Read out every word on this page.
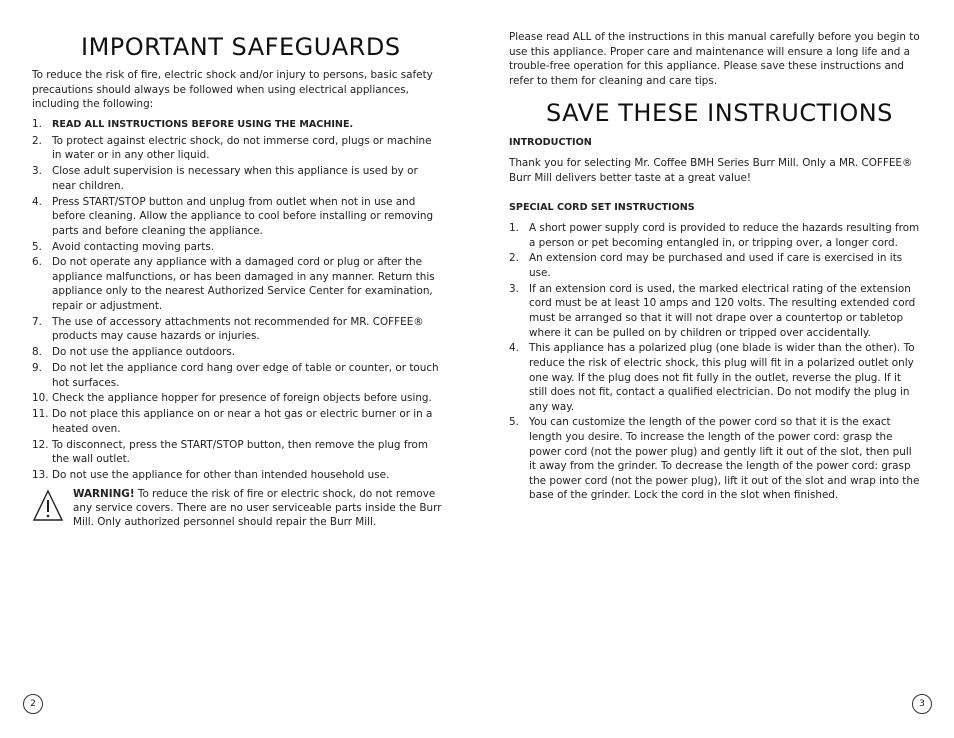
IMPORTANT SAFEGUARDS

To reduce the risk of fire, electric shock and/or injury to persons, basic safety precautions should always be followed when using electrical appliances, including the following:

1. READ ALL INSTRUCTIONS BEFORE USING THE MACHINE.
2. To protect against electric shock, do not immerse cord, plugs or machine in water or in any other liquid.
3. Close adult supervision is necessary when this appliance is used by or near children.
4. Press START/STOP button and unplug from outlet when not in use and before cleaning. Allow the appliance to cool before installing or removing parts and before cleaning the appliance.
5. Avoid contacting moving parts.
6. Do not operate any appliance with a damaged cord or plug or after the appliance malfunctions, or has been damaged in any manner. Return this appliance only to the nearest Authorized Service Center for examination, repair or adjustment.
7. The use of accessory attachments not recommended for MR. COFFEE® products may cause hazards or injuries.
8. Do not use the appliance outdoors.
9. Do not let the appliance cord hang over edge of table or counter, or touch hot surfaces.
10. Check the appliance hopper for presence of foreign objects before using.
11. Do not place this appliance on or near a hot gas or electric burner or in a heated oven.
12. To disconnect, press the START/STOP button, then remove the plug from the wall outlet.
13. Do not use the appliance for other than intended household use.

WARNING! To reduce the risk of fire or electric shock, do not remove any service covers. There are no user serviceable parts inside the Burr Mill. Only authorized personnel should repair the Burr Mill.

2

Please read ALL of the instructions in this manual carefully before you begin to use this appliance. Proper care and maintenance will ensure a long life and a trouble-free operation for this appliance. Please save these instructions and refer to them for cleaning and care tips.

SAVE THESE INSTRUCTIONS

INTRODUCTION

Thank you for selecting Mr. Coffee BMH Series Burr Mill. Only a MR. COFFEE® Burr Mill delivers better taste at a great value!

SPECIAL CORD SET INSTRUCTIONS

1. A short power supply cord is provided to reduce the hazards resulting from a person or pet becoming entangled in, or tripping over, a longer cord.
2. An extension cord may be purchased and used if care is exercised in its use.
3. If an extension cord is used, the marked electrical rating of the extension cord must be at least 10 amps and 120 volts. The resulting extended cord must be arranged so that it will not drape over a countertop or tabletop where it can be pulled on by children or tripped over accidentally.
4. This appliance has a polarized plug (one blade is wider than the other). To reduce the risk of electric shock, this plug will fit in a polarized outlet only one way. If the plug does not fit fully in the outlet, reverse the plug. If it still does not fit, contact a qualified electrician. Do not modify the plug in any way.
5. You can customize the length of the power cord so that it is the exact length you desire. To increase the length of the power cord: grasp the power cord (not the power plug) and gently lift it out of the slot, then pull it away from the grinder. To decrease the length of the power cord: grasp the power cord (not the power plug), lift it out of the slot and wrap into the base of the grinder. Lock the cord in the slot when finished.
3
